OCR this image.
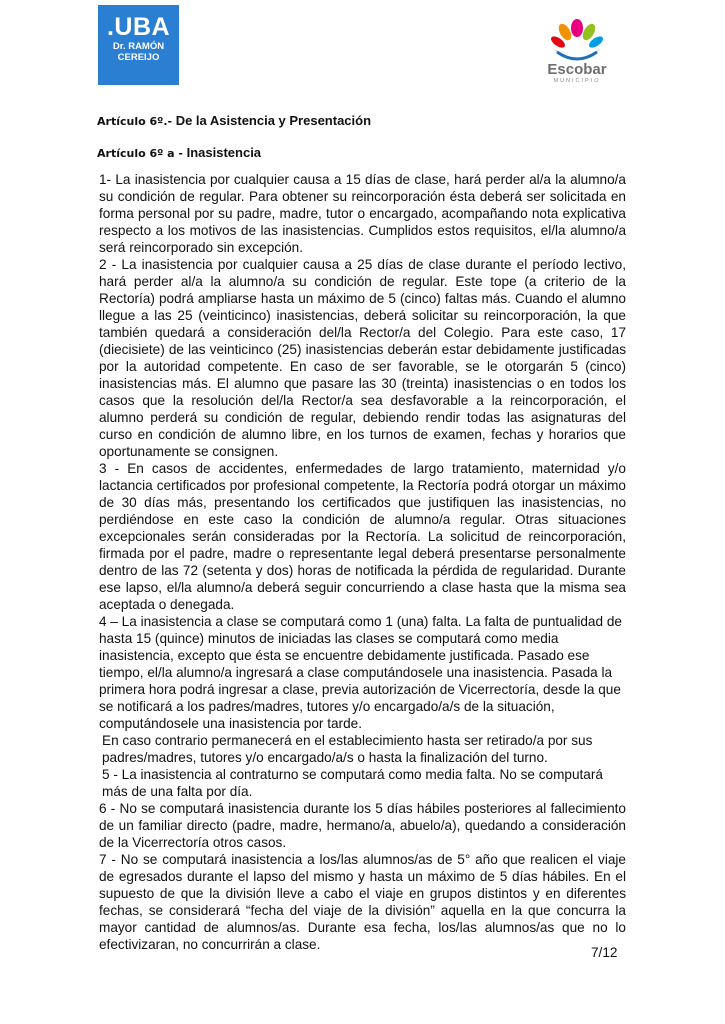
.UBA
Dr. RAMÓN
CEREIJO
Escobar
MUNICIPIO
Artículo 6º.- De la Asistencia y Presentación
Artículo 6º a - Inasistencia

1- La inasistencia por cualquier causa a 15 días de clase, hará perder al/a la alumno/a su condición de regular. Para obtener su reincorporación ésta deberá ser solicitada en forma personal por su padre, madre, tutor o encargado, acompañando nota explicativa respecto a los motivos de las inasistencias. Cumplidos estos requisitos, el/la alumno/a será reincorporado sin excepción.

2 - La inasistencia por cualquier causa a 25 días de clase durante el período lectivo, hará perder al/a la alumno/a su condición de regular. Este tope (a criterio de la Rectoría) podrá ampliarse hasta un máximo de 5 (cinco) faltas más. Cuando el alumno llegue a las 25 (veinticinco) inasistencias, deberá solicitar su reincorporación, la que también quedará a consideración del/la Rector/a del Colegio. Para este caso, 17 (diecisiete) de las veinticinco (25) inasistencias deberán estar debidamente justificadas por la autoridad competente. En caso de ser favorable, se le otorgarán 5 (cinco) inasistencias más. El alumno que pasare las 30 (treinta) inasistencias o en todos los casos que la resolución del/la Rector/a sea desfavorable a la reincorporación, el alumno perderá su condición de regular, debiendo rendir todas las asignaturas del curso en condición de alumno libre, en los turnos de examen, fechas y horarios que oportunamente se consignen.

3 - En casos de accidentes, enfermedades de largo tratamiento, maternidad y/o lactancia certificados por profesional competente, la Rectoría podrá otorgar un máximo de 30 días más, presentando los certificados que justifiquen las inasistencias, no perdiéndose en este caso la condición de alumno/a regular. Otras situaciones excepcionales serán consideradas por la Rectoría. La solicitud de reincorporación, firmada por el padre, madre o representante legal deberá presentarse personalmente dentro de las 72 (setenta y dos) horas de notificada la pérdida de regularidad. Durante ese lapso, el/la alumno/a deberá seguir concurriendo a clase hasta que la misma sea aceptada o denegada.

4 – La inasistencia a clase se computará como 1 (una) falta. La falta de puntualidad de hasta 15 (quince) minutos de iniciadas las clases se computará como media inasistencia, excepto que ésta se encuentre debidamente justificada. Pasado ese tiempo, el/la alumno/a ingresará a clase computándosele una inasistencia. Pasada la primera hora podrá ingresar a clase, previa autorización de Vicerrectoría, desde la que se notificará a los padres/madres, tutores y/o encargado/a/s de la situación, computándosele una inasistencia por tarde.

En caso contrario permanecerá en el establecimiento hasta ser retirado/a por sus padres/madres, tutores y/o encargado/a/s o hasta la finalización del turno.

5 - La inasistencia al contraturno se computará como media falta. No se computará más de una falta por día.

6 - No se computará inasistencia durante los 5 días hábiles posteriores al fallecimiento de un familiar directo (padre, madre, hermano/a, abuelo/a), quedando a consideración de la Vicerrectoría otros casos.

7 - No se computará inasistencia a los/las alumnos/as de 5° año que realicen el viaje de egresados durante el lapso del mismo y hasta un máximo de 5 días hábiles. En el supuesto de que la división lleve a cabo el viaje en grupos distintos y en diferentes fechas, se considerará “fecha del viaje de la división” aquella en la que concurra la mayor cantidad de alumnos/as. Durante esa fecha, los/las alumnos/as que no lo efectivizaran, no concurrirán a clase.

7/12
